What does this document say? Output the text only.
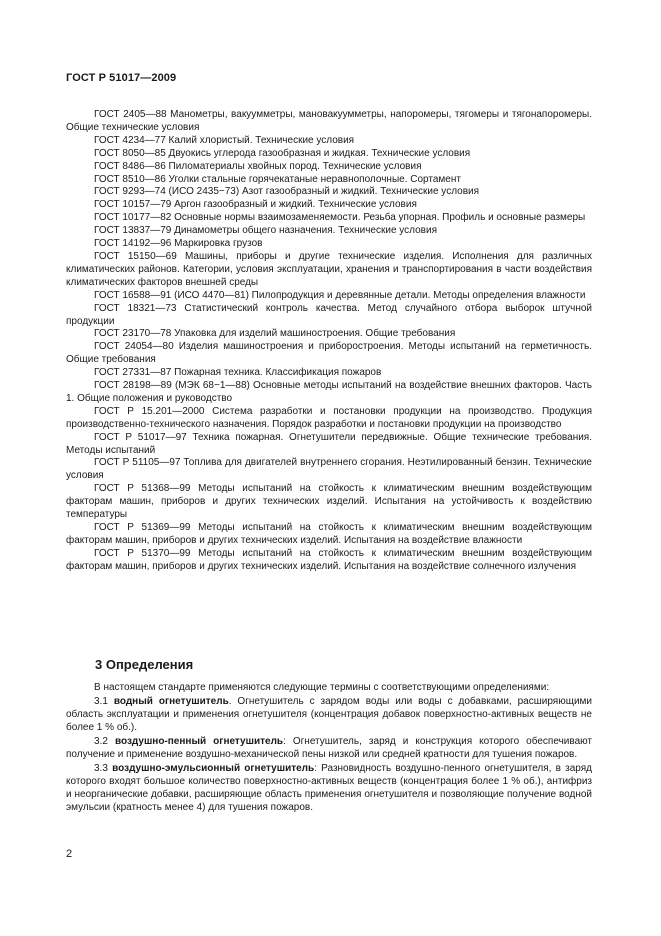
ГОСТ Р 51017—2009

ГОСТ 2405—88 Манометры, вакуумметры, мановакуумметры, напоромеры, тягомеры и тягонапоромеры. Общие технические условия

ГОСТ 4234—77 Калий хлористый. Технические условия

ГОСТ 8050—85 Двуокись углерода газообразная и жидкая. Технические условия

ГОСТ 8486—86 Пиломатериалы хвойных пород. Технические условия

ГОСТ 8510—86 Уголки стальные горячекатаные неравнополочные. Сортамент

ГОСТ 9293—74 (ИСО 2435−73) Азот газообразный и жидкий. Технические условия

ГОСТ 10157—79 Аргон газообразный и жидкий. Технические условия

ГОСТ 10177—82 Основные нормы взаимозаменяемости. Резьба упорная. Профиль и основные размеры

ГОСТ 13837—79 Динамометры общего назначения. Технические условия

ГОСТ 14192—96 Маркировка грузов

ГОСТ 15150—69 Машины, приборы и другие технические изделия. Исполнения для различных климатических районов. Категории, условия эксплуатации, хранения и транспортирования в части воздействия климатических факторов внешней среды

ГОСТ 16588—91 (ИСО 4470—81) Пилопродукция и деревянные детали. Методы определения влажности

ГОСТ 18321—73 Статистический контроль качества. Метод случайного отбора выборок штучной продукции

ГОСТ 23170—78 Упаковка для изделий машиностроения. Общие требования

ГОСТ 24054—80 Изделия машиностроения и приборостроения. Методы испытаний на герметичность. Общие требования

ГОСТ 27331—87 Пожарная техника. Классификация пожаров

ГОСТ 28198—89 (МЭК 68−1—88) Основные методы испытаний на воздействие внешних факторов. Часть 1. Общие положения и руководство

ГОСТ Р 15.201—2000 Система разработки и постановки продукции на производство. Продукция производственно-технического назначения. Порядок разработки и постановки продукции на производство

ГОСТ Р 51017—97 Техника пожарная. Огнетушители передвижные. Общие технические требования. Методы испытаний

ГОСТ Р 51105—97 Топлива для двигателей внутреннего сгорания. Неэтилированный бензин. Технические условия

ГОСТ Р 51368—99 Методы испытаний на стойкость к климатическим внешним воздействующим факторам машин, приборов и других технических изделий. Испытания на устойчивость к воздействию температуры

ГОСТ Р 51369—99 Методы испытаний на стойкость к климатическим внешним воздействующим факторам машин, приборов и других технических изделий. Испытания на воздействие влажности

ГОСТ Р 51370—99 Методы испытаний на стойкость к климатическим внешним воздействующим факторам машин, приборов и других технических изделий. Испытания на воздействие солнечного излучения

3 Определения

В настоящем стандарте применяются следующие термины с соответствующими определениями:

3.1 водный огнетушитель. Огнетушитель с зарядом воды или воды с добавками, расширяющими область эксплуатации и применения огнетушителя (концентрация добавок поверхностно-активных веществ не более 1 % об.).

3.2 воздушно-пенный огнетушитель: Огнетушитель, заряд и конструкция которого обеспечивают получение и применение воздушно-механической пены низкой или средней кратности для тушения пожаров.

3.3 воздушно-эмульсионный огнетушитель: Разновидность воздушно-пенного огнетушителя, в заряд которого входят большое количество поверхностно-активных веществ (концентрация более 1 % об.), антифриз и неорганические добавки, расширяющие область применения огнетушителя и позволяющие получение водной эмульсии (кратность менее 4) для тушения пожаров.

2
